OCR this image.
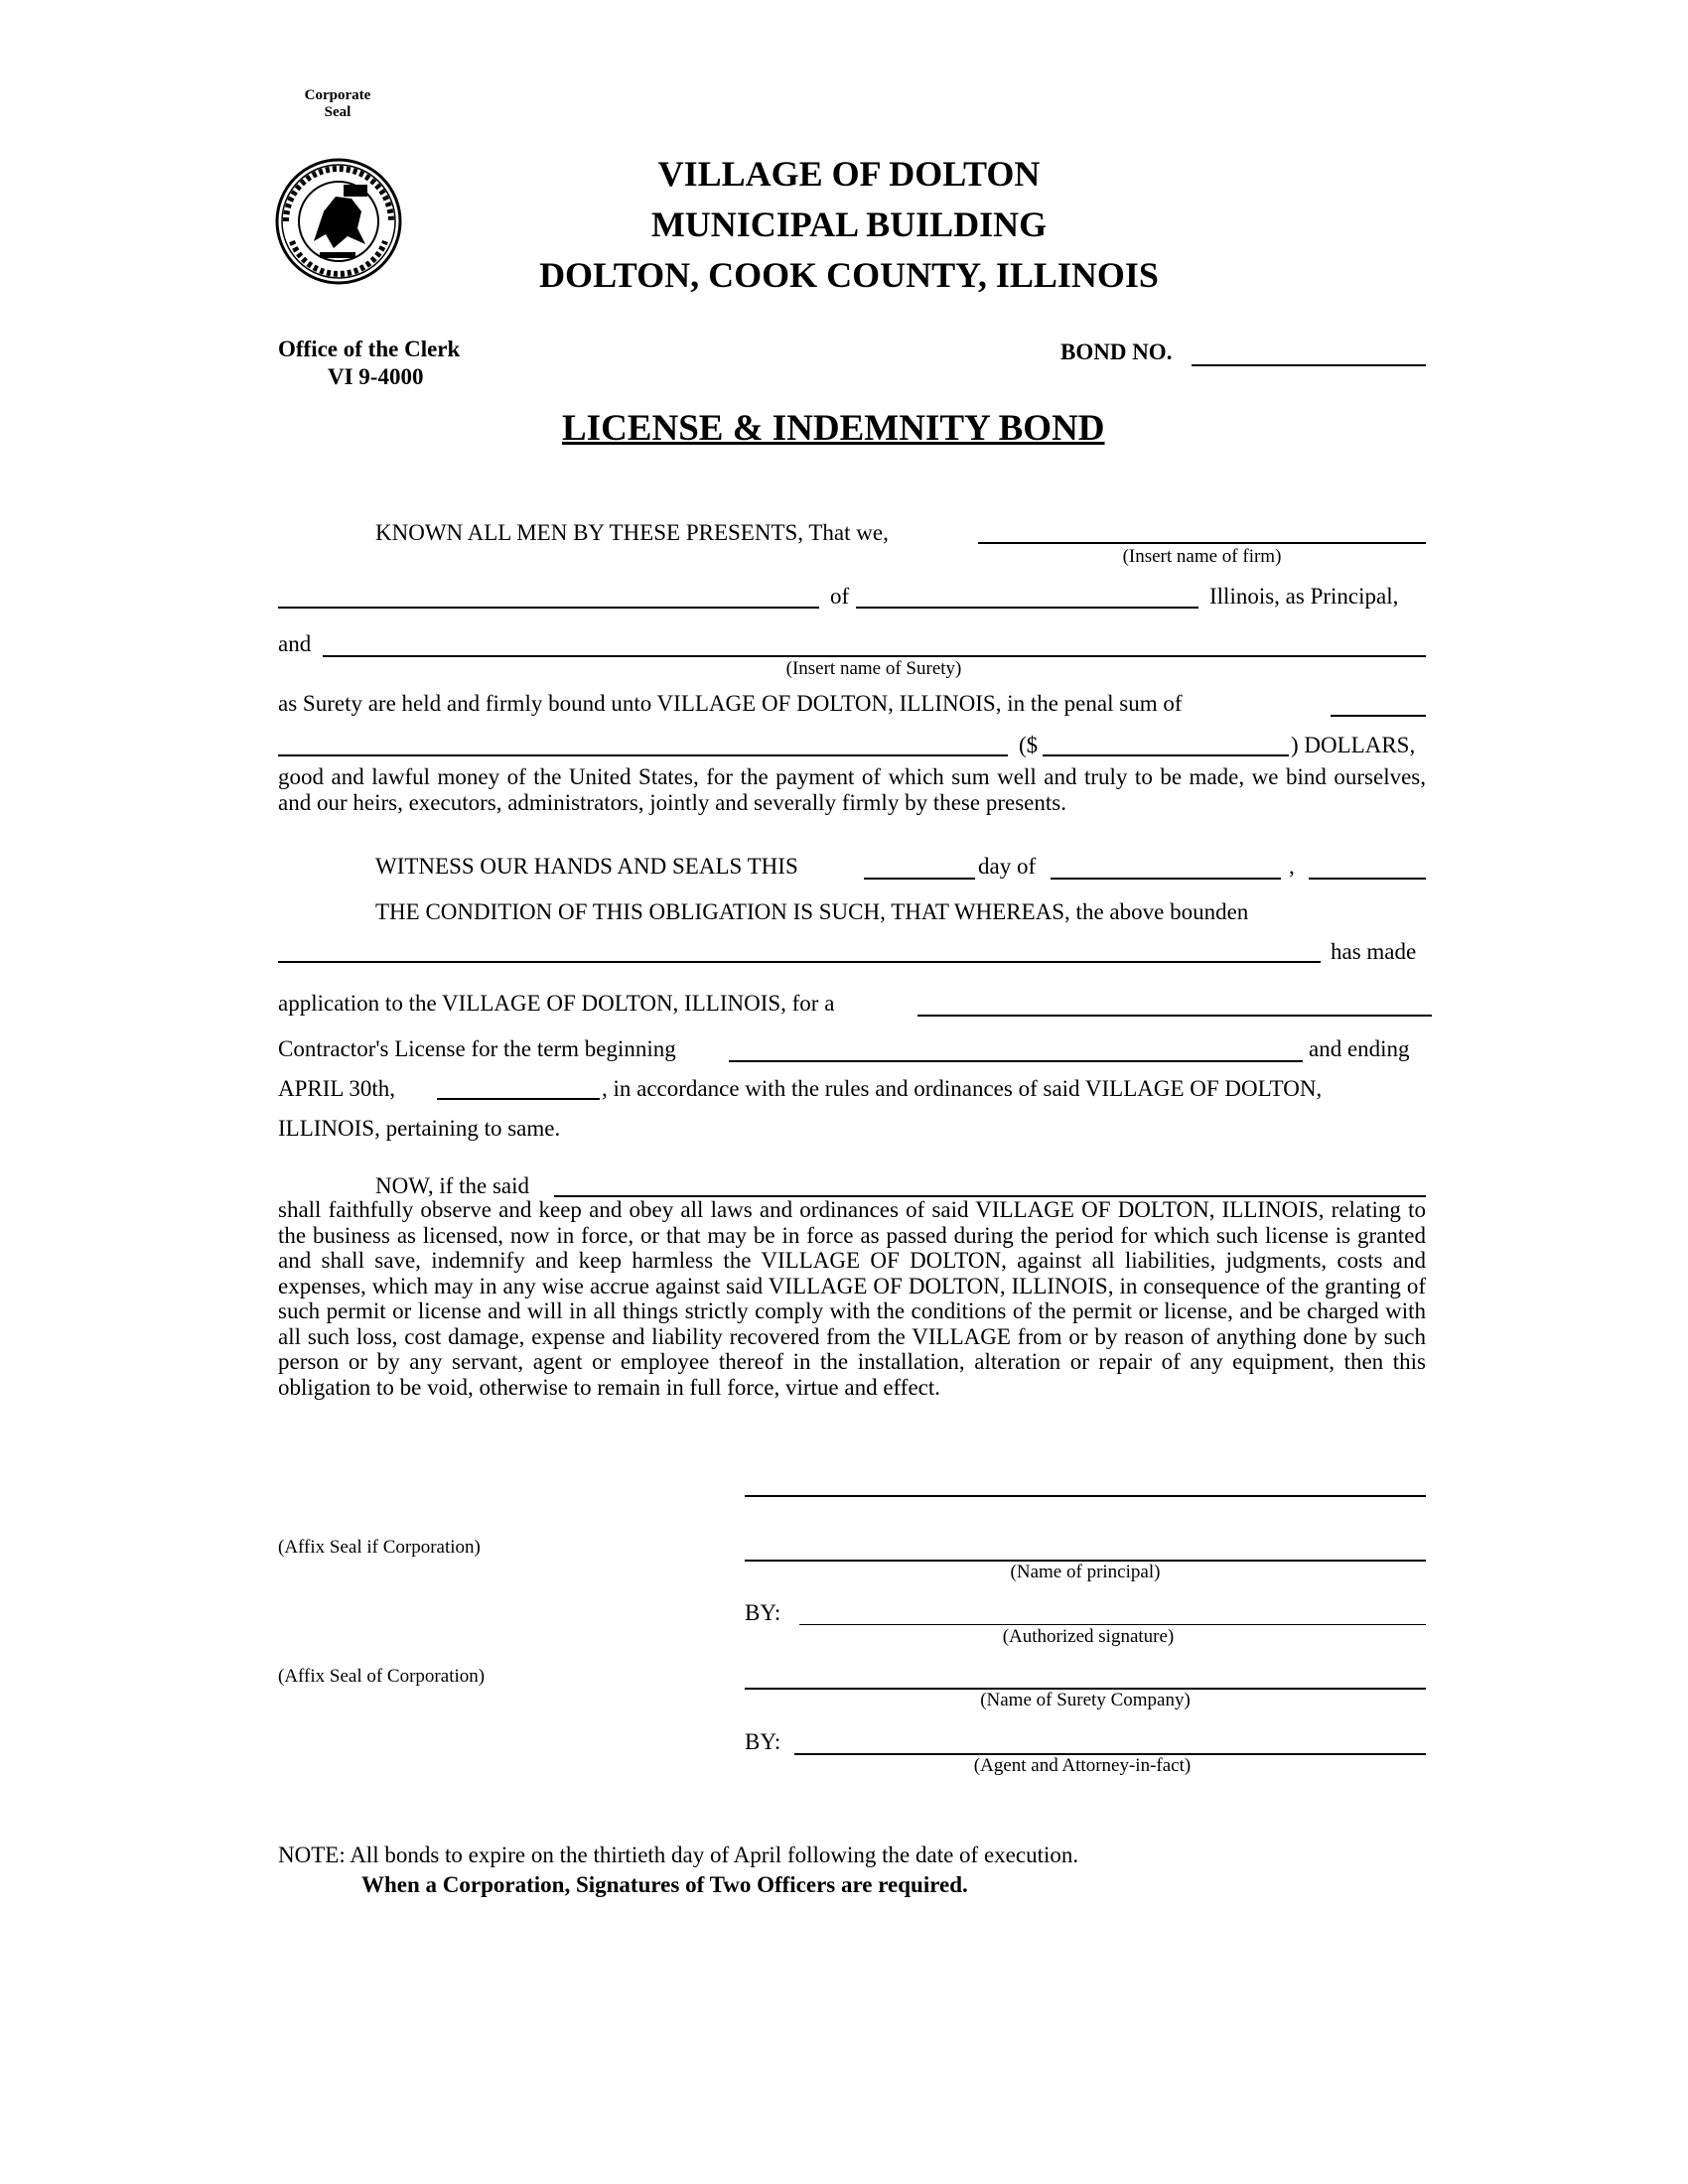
Corporate
Seal
VILLAGE OF DOLTON
MUNICIPAL BUILDING
DOLTON, COOK COUNTY, ILLINOIS
Office of the Clerk
VI 9-4000
BOND NO.
LICENSE & INDEMNITY BOND
KNOWN ALL MEN BY THESE PRESENTS, That we,
(Insert name of firm)
of	Illinois, as Principal,
and
(Insert name of Surety)
as Surety are held and firmly bound unto VILLAGE OF DOLTON, ILLINOIS, in the penal sum of
($	) DOLLARS,
good and lawful money of the United States, for the payment of which sum well and truly to be made, we bind ourselves, and our heirs, executors, administrators, jointly and severally firmly by these presents.
WITNESS OUR HANDS AND SEALS THIS	day of	,
THE CONDITION OF THIS OBLIGATION IS SUCH, THAT WHEREAS, the above bounden
has made
application to the VILLAGE OF DOLTON, ILLINOIS, for a
Contractor's License for the term beginning	and ending
APRIL 30th,	, in accordance with the rules and ordinances of said VILLAGE OF DOLTON,
ILLINOIS, pertaining to same.
NOW, if the said
shall faithfully observe and keep and obey all laws and ordinances of said VILLAGE OF DOLTON, ILLINOIS, relating to the business as licensed, now in force, or that may be in force as passed during the period for which such license is granted and shall save, indemnify and keep harmless the VILLAGE OF DOLTON, against all liabilities, judgments, costs and expenses, which may in any wise accrue against said VILLAGE OF DOLTON, ILLINOIS, in consequence of the granting of such permit or license and will in all things strictly comply with the conditions of the permit or license, and be charged with all such loss, cost damage, expense and liability recovered from the VILLAGE from or by reason of anything done by such person or by any servant, agent or employee thereof in the installation, alteration or repair of any equipment, then this obligation to be void, otherwise to remain in full force, virtue and effect.
(Affix Seal if Corporation)
(Name of principal)
BY:
(Authorized signature)
(Affix Seal of Corporation)
(Name of Surety Company)
BY:
(Agent and Attorney-in-fact)
NOTE: All bonds to expire on the thirtieth day of April following the date of execution.
When a Corporation, Signatures of Two Officers are required.
